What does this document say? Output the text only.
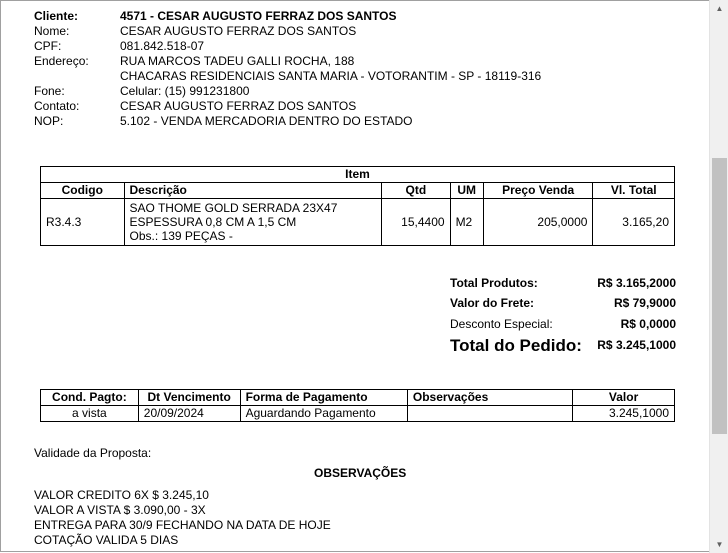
Cliente:	4571 - CESAR AUGUSTO FERRAZ DOS SANTOS
Nome:	CESAR AUGUSTO FERRAZ DOS SANTOS
CPF:	081.842.518-07
Endereço:	RUA MARCOS TADEU GALLI ROCHA, 188
CHACARAS RESIDENCIAIS SANTA MARIA - VOTORANTIM - SP - 18119-316
Fone:	Celular: (15) 991231800
Contato:	CESAR AUGUSTO FERRAZ DOS SANTOS
NOP:	5.102 - VENDA MERCADORIA DENTRO DO ESTADO
Item					
Codigo	Descrição	Qtd	UM	Preço Venda	Vl. Total
R3.4.3	SAO THOME GOLD SERRADA 23X47
ESPESSURA 0,8 CM A 1,5 CM
Obs.: 139 PEÇAS -	15,4400	M2	205,0000	3.165,20
Total Produtos:	R$ 3.165,2000
Valor do Frete:	R$ 79,9000
Desconto Especial:	R$ 0,0000
Total do Pedido: R$ 3.245,1000
Cond. Pagto:	Dt Vencimento	Forma de Pagamento	Observações	Valor
a vista	20/09/2024	Aguardando Pagamento		3.245,1000
Validade da Proposta:
OBSERVAÇÕES
VALOR CREDITO 6X $ 3.245,10
VALOR A VISTA $ 3.090,00 - 3X
ENTREGA PARA 30/9 FECHANDO NA DATA DE HOJE
COTAÇÃO VALIDA 5 DIAS
▲
▼
